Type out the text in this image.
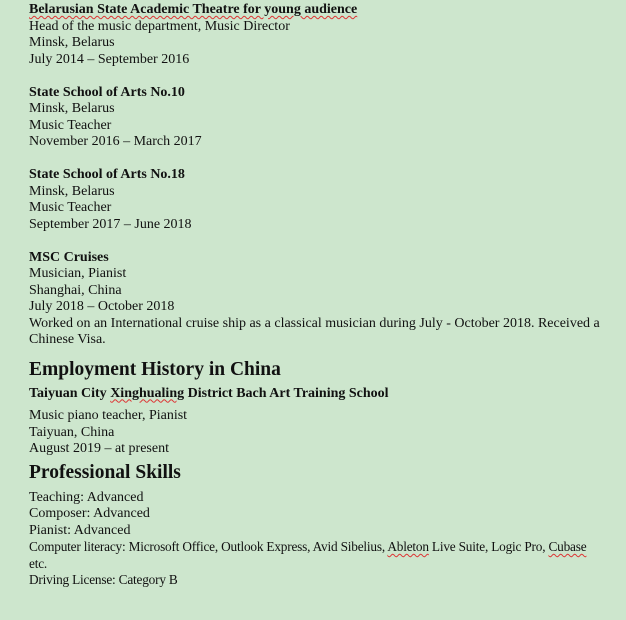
Belarusian State Academic Theatre for young audience
Head of the music department, Music Director
Minsk, Belarus
July 2014 – September 2016
State School of Arts No.10
Minsk, Belarus
Music Teacher
November 2016 – March 2017
State School of Arts No.18
Minsk, Belarus
Music Teacher
September 2017 – June 2018
MSC Cruises
Musician, Pianist
Shanghai, China
July 2018 – October 2018
Worked on an International cruise ship as a classical musician during July - October 2018. Received a Chinese Visa.
Employment History in China
Taiyuan City Xinghualing District Bach Art Training School
Music piano teacher, Pianist
Taiyuan, China
August 2019 – at present
Professional Skills
Teaching: Advanced
Composer: Advanced
Pianist: Advanced
Computer literacy: Microsoft Office, Outlook Express, Avid Sibelius, Ableton Live Suite, Logic Pro, Cubase
etc.
Driving License: Category B
